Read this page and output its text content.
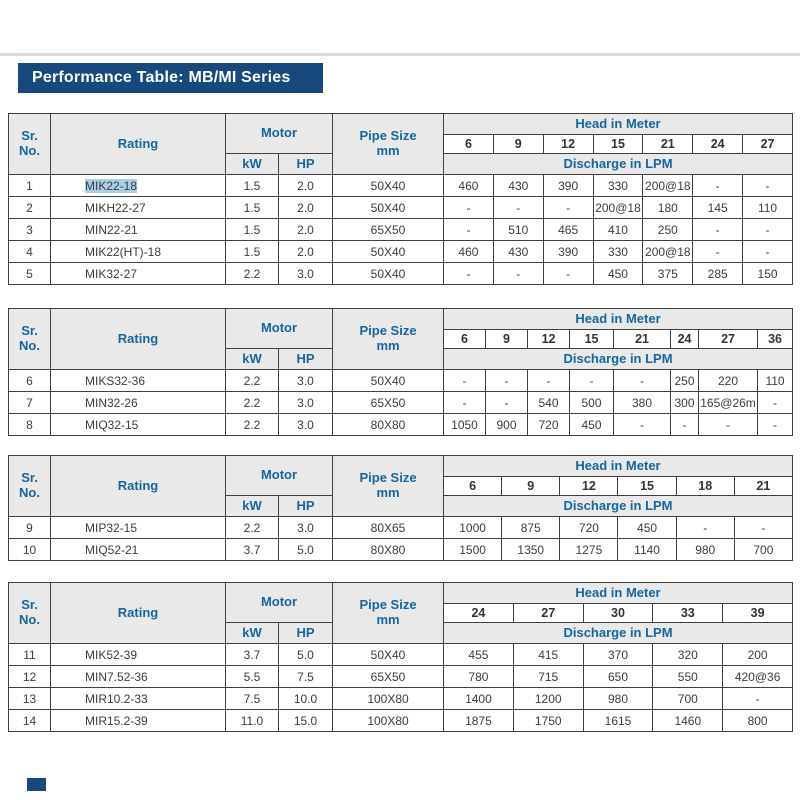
Performance Table: MB/MI Series
Sr.
No.	Rating	Motor		Pipe Size
mm	Head in Meter						
					6	9	12	15	21	24	27
		kW	HP		Discharge in LPM						
1	MIK22-18	1.5	2.0	50X40	460	430	390	330	200@18	-	-
2	MIKH22-27	1.5	2.0	50X40	-	-	-	200@18	180	145	110
3	MIN22-21	1.5	2.0	65X50	-	510	465	410	250	-	-
4	MIK22(HT)-18	1.5	2.0	50X40	460	430	390	330	200@18	-	-
5	MIK32-27	2.2	3.0	50X40	-	-	-	450	375	285	150
Sr.
No.	Rating	Motor		Pipe Size
mm	Head in Meter							
					6	9	12	15	21	24	27	36
		kW	HP		Discharge in LPM							
6	MIKS32-36	2.2	3.0	50X40	-	-	-	-	-	250	220	110
7	MIN32-26	2.2	3.0	65X50	-	-	540	500	380	300	165@26m	-
8	MIQ32-15	2.2	3.0	80X80	1050	900	720	450	-	-	-	-
Sr.
No.	Rating	Motor		Pipe Size
mm	Head in Meter					
					6	9	12	15	18	21
		kW	HP		Discharge in LPM					
9	MIP32-15	2.2	3.0	80X65	1000	875	720	450	-	-
10	MIQ52-21	3.7	5.0	80X80	1500	1350	1275	1140	980	700
Sr.
No.	Rating	Motor		Pipe Size
mm	Head in Meter				
					24	27	30	33	39
		kW	HP		Discharge in LPM				
11	MIK52-39	3.7	5.0	50X40	455	415	370	320	200
12	MIN7.52-36	5.5	7.5	65X50	780	715	650	550	420@36
13	MIR10.2-33	7.5	10.0	100X80	1400	1200	980	700	-
14	MIR15.2-39	11.0	15.0	100X80	1875	1750	1615	1460	800
